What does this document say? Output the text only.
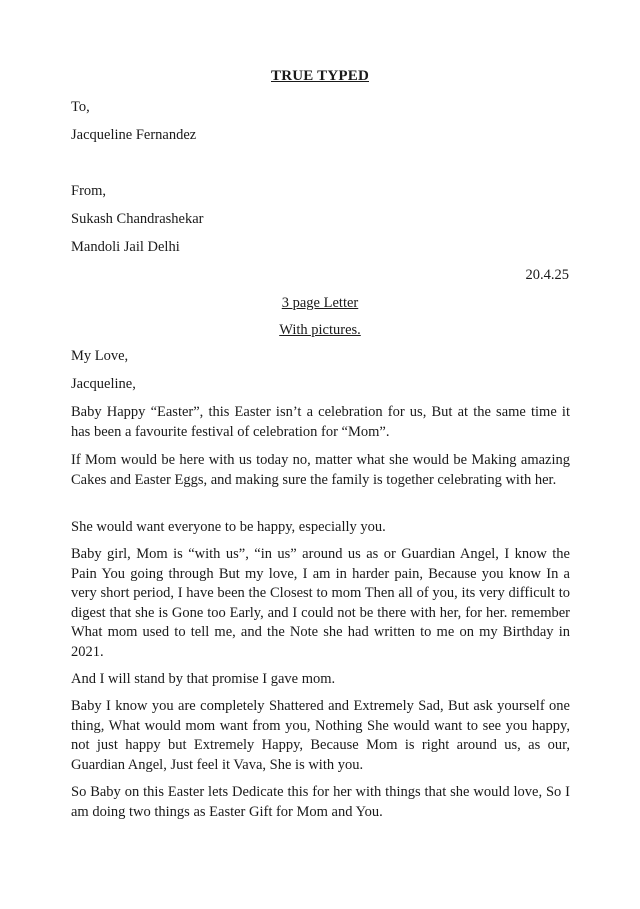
TRUE TYPED
To,
Jacqueline Fernandez
From,
Sukash Chandrashekar
Mandoli Jail Delhi
20.4.25
3 page Letter
With pictures.
My Love,
Jacqueline,
Baby Happy “Easter”, this Easter isn’t a celebration for us, But at the same time it has been a favourite festival of celebration for “Mom”.
If Mom would be here with us today no, matter what she would be Making amazing Cakes and Easter Eggs, and making sure the family is together celebrating with her.
She would want everyone to be happy, especially you.
Baby girl, Mom is “with us”, “in us” around us as or Guardian Angel, I know the Pain You going through But my love, I am in harder pain, Because you know In a very short period, I have been the Closest to mom Then all of you, its very difficult to digest that she is Gone too Early, and I could not be there with her, for her. remember What mom used to tell me, and the Note she had written to me on my Birthday in 2021.
And I will stand by that promise I gave mom.
Baby I know you are completely Shattered and Extremely Sad, But ask yourself one thing, What would mom want from you, Nothing She would want to see you happy, not just happy but Extremely Happy, Because Mom is right around us, as our, Guardian Angel, Just feel it Vava, She is with you.
So Baby on this Easter lets Dedicate this for her with things that she would love, So I am doing two things as Easter Gift for Mom and You.
